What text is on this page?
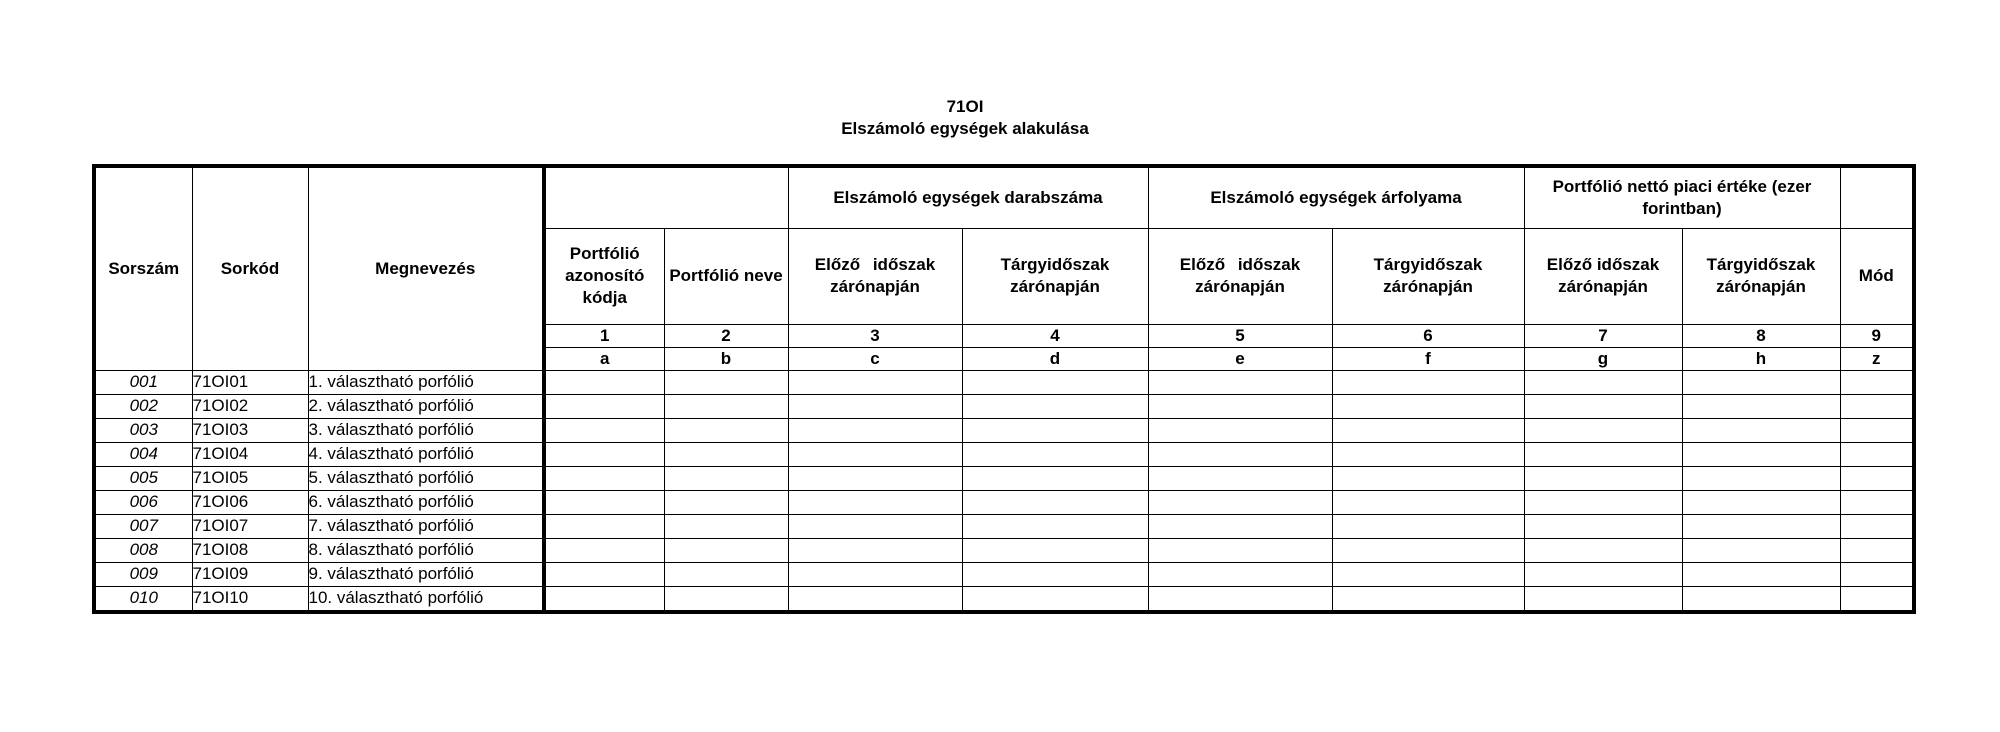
71OI
Elszámoló egységek alakulása
Sorszám	Sorkód	Megnevezés			Elszámoló egységek darabszáma		Elszámoló egységek árfolyama		Portfólió nettó piaci értéke (ezer forintban)		
			Portfólió azonosító kódja	Portfólió neve	Előző időszak zárónapján	Tárgyidőszak zárónapján	Előző időszak zárónapján	Tárgyidőszak zárónapján	Előző időszak zárónapján	Tárgyidőszak zárónapján	Mód
			1	2	3	4	5	6	7	8	9
			a	b	c	d	e	f	g	h	z
001	71OI01	1. választható porfólió									
002	71OI02	2. választható porfólió									
003	71OI03	3. választható porfólió									
004	71OI04	4. választható porfólió									
005	71OI05	5. választható porfólió									
006	71OI06	6. választható porfólió									
007	71OI07	7. választható porfólió									
008	71OI08	8. választható porfólió									
009	71OI09	9. választható porfólió									
010	71OI10	10. választható porfólió									
